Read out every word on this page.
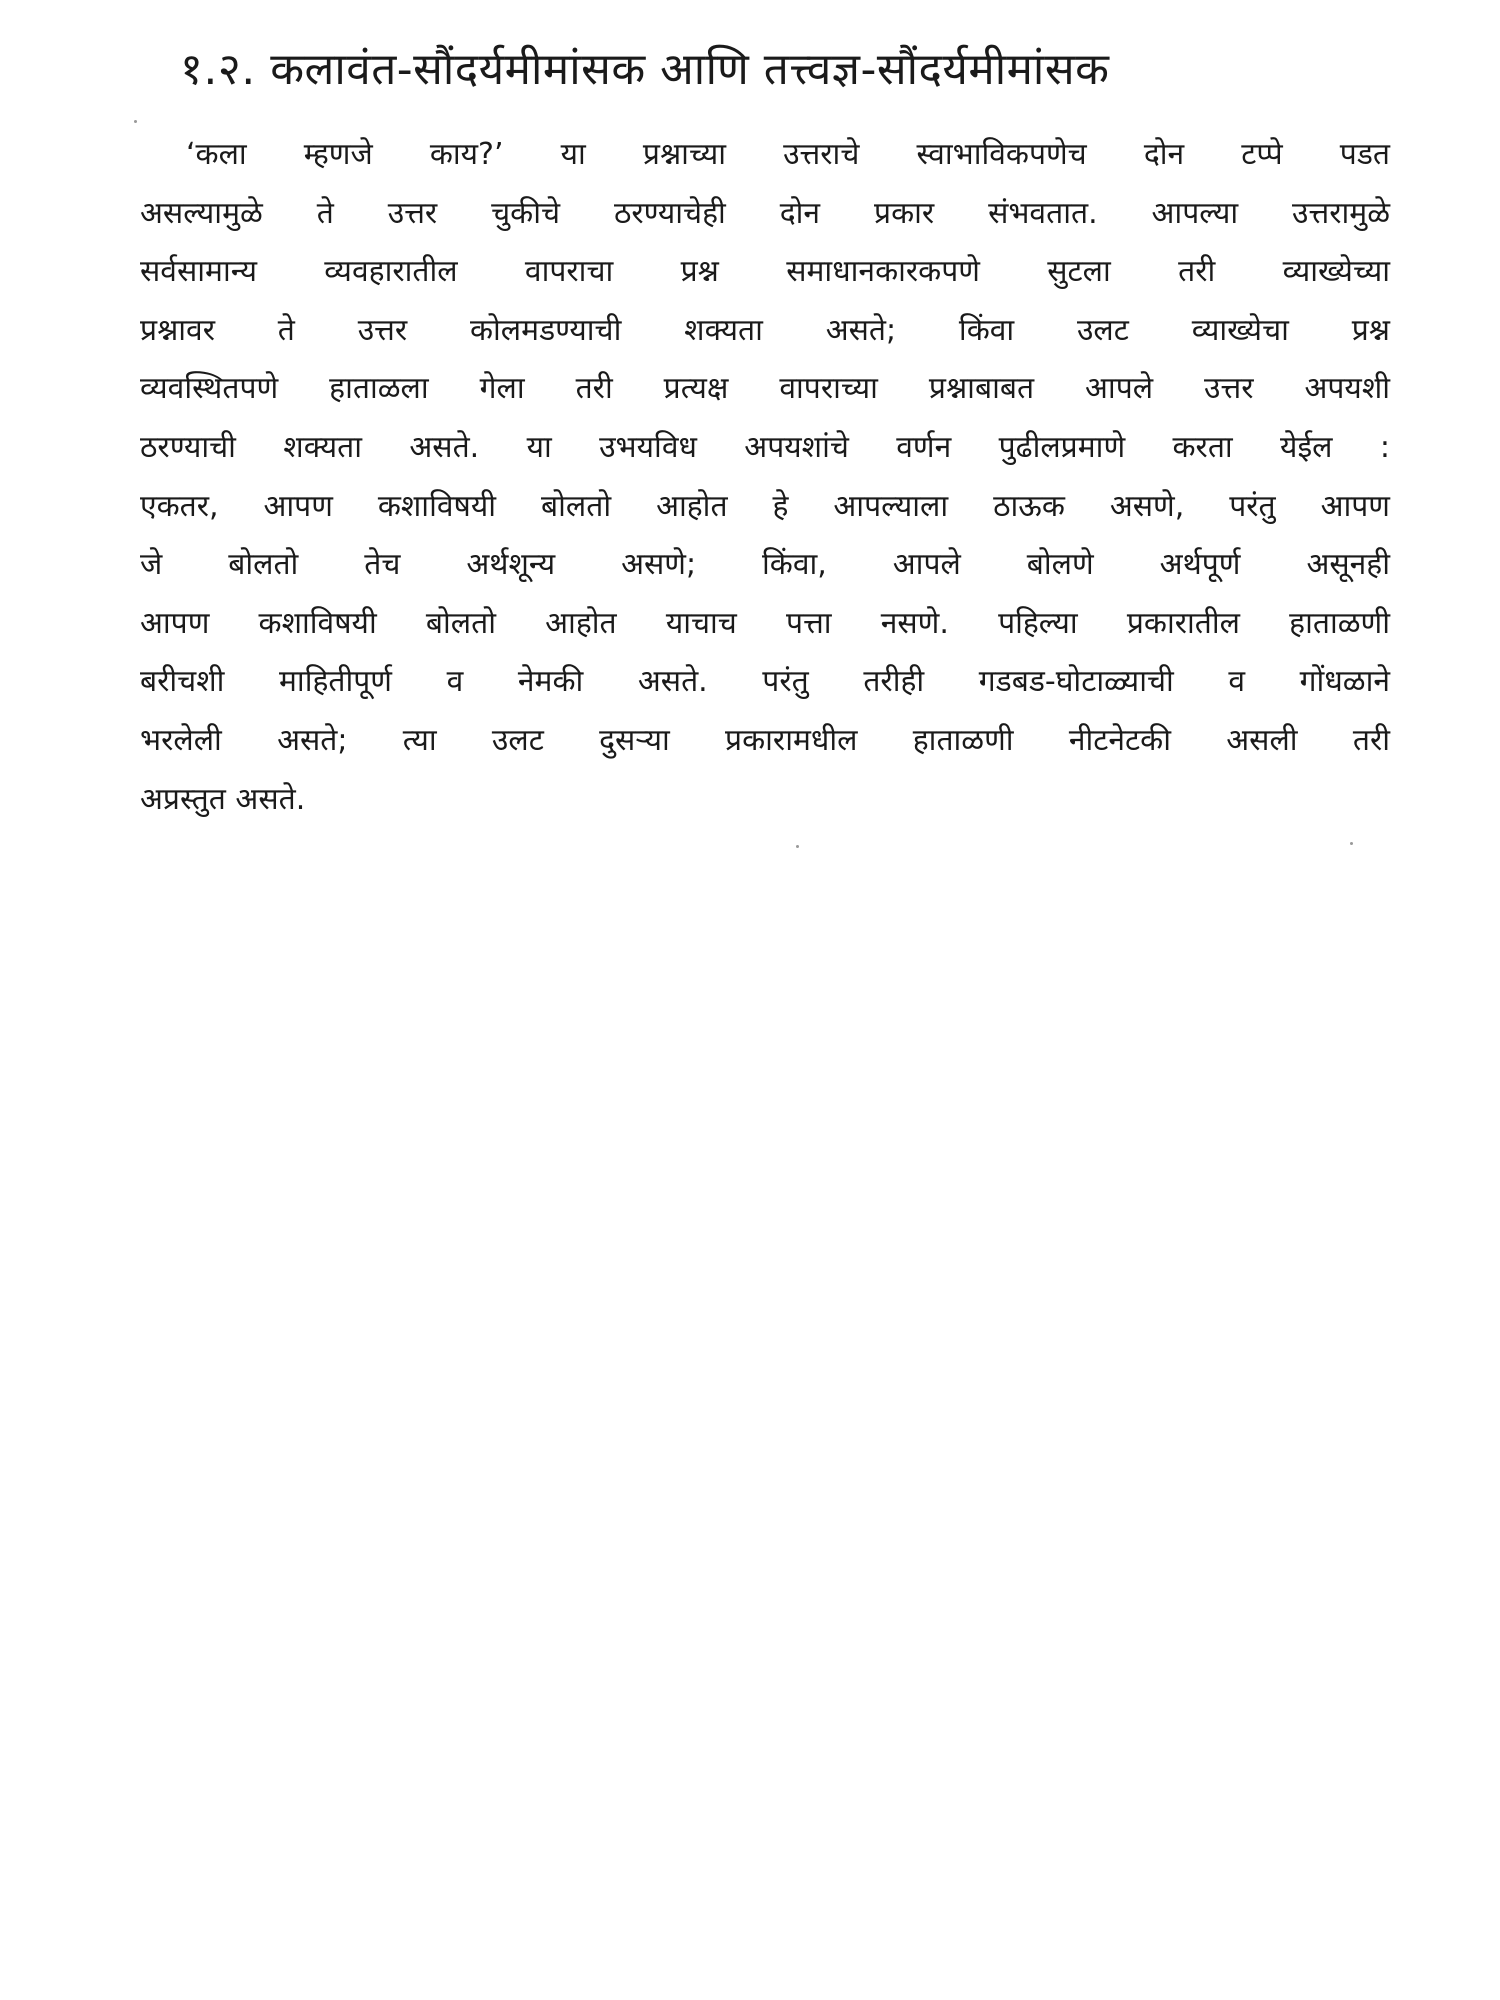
१.२. कलावंत-सौंदर्यमीमांसक आणि तत्त्वज्ञ-सौंदर्यमीमांसक
‘कला म्हणजे काय?’ या प्रश्नाच्या उत्तराचे स्वाभाविकपणेच दोन टप्पे पडत
असल्यामुळे ते उत्तर चुकीचे ठरण्याचेही दोन प्रकार संभवतात. आपल्या उत्तरामुळे
सर्वसामान्य व्यवहारातील वापराचा प्रश्न समाधानकारकपणे सुटला तरी व्याख्येच्या
प्रश्नावर ते उत्तर कोलमडण्याची शक्यता असते; किंवा उलट व्याख्येचा प्रश्न
व्यवस्थितपणे हाताळला गेला तरी प्रत्यक्ष वापराच्या प्रश्नाबाबत आपले उत्तर अपयशी
ठरण्याची शक्यता असते. या उभयविध अपयशांचे वर्णन पुढीलप्रमाणे करता येईल :
एकतर, आपण कशाविषयी बोलतो आहोत हे आपल्याला ठाऊक असणे, परंतु आपण
जे बोलतो तेच अर्थशून्य असणे; किंवा, आपले बोलणे अर्थपूर्ण असूनही
आपण कशाविषयी बोलतो आहोत याचाच पत्ता नसणे. पहिल्या प्रकारातील हाताळणी
बरीचशी माहितीपूर्ण व नेमकी असते. परंतु तरीही गडबड-घोटाळ्याची व गोंधळाने
भरलेली असते; त्या उलट दुसऱ्या प्रकारामधील हाताळणी नीटनेटकी असली तरी
अप्रस्तुत असते.
